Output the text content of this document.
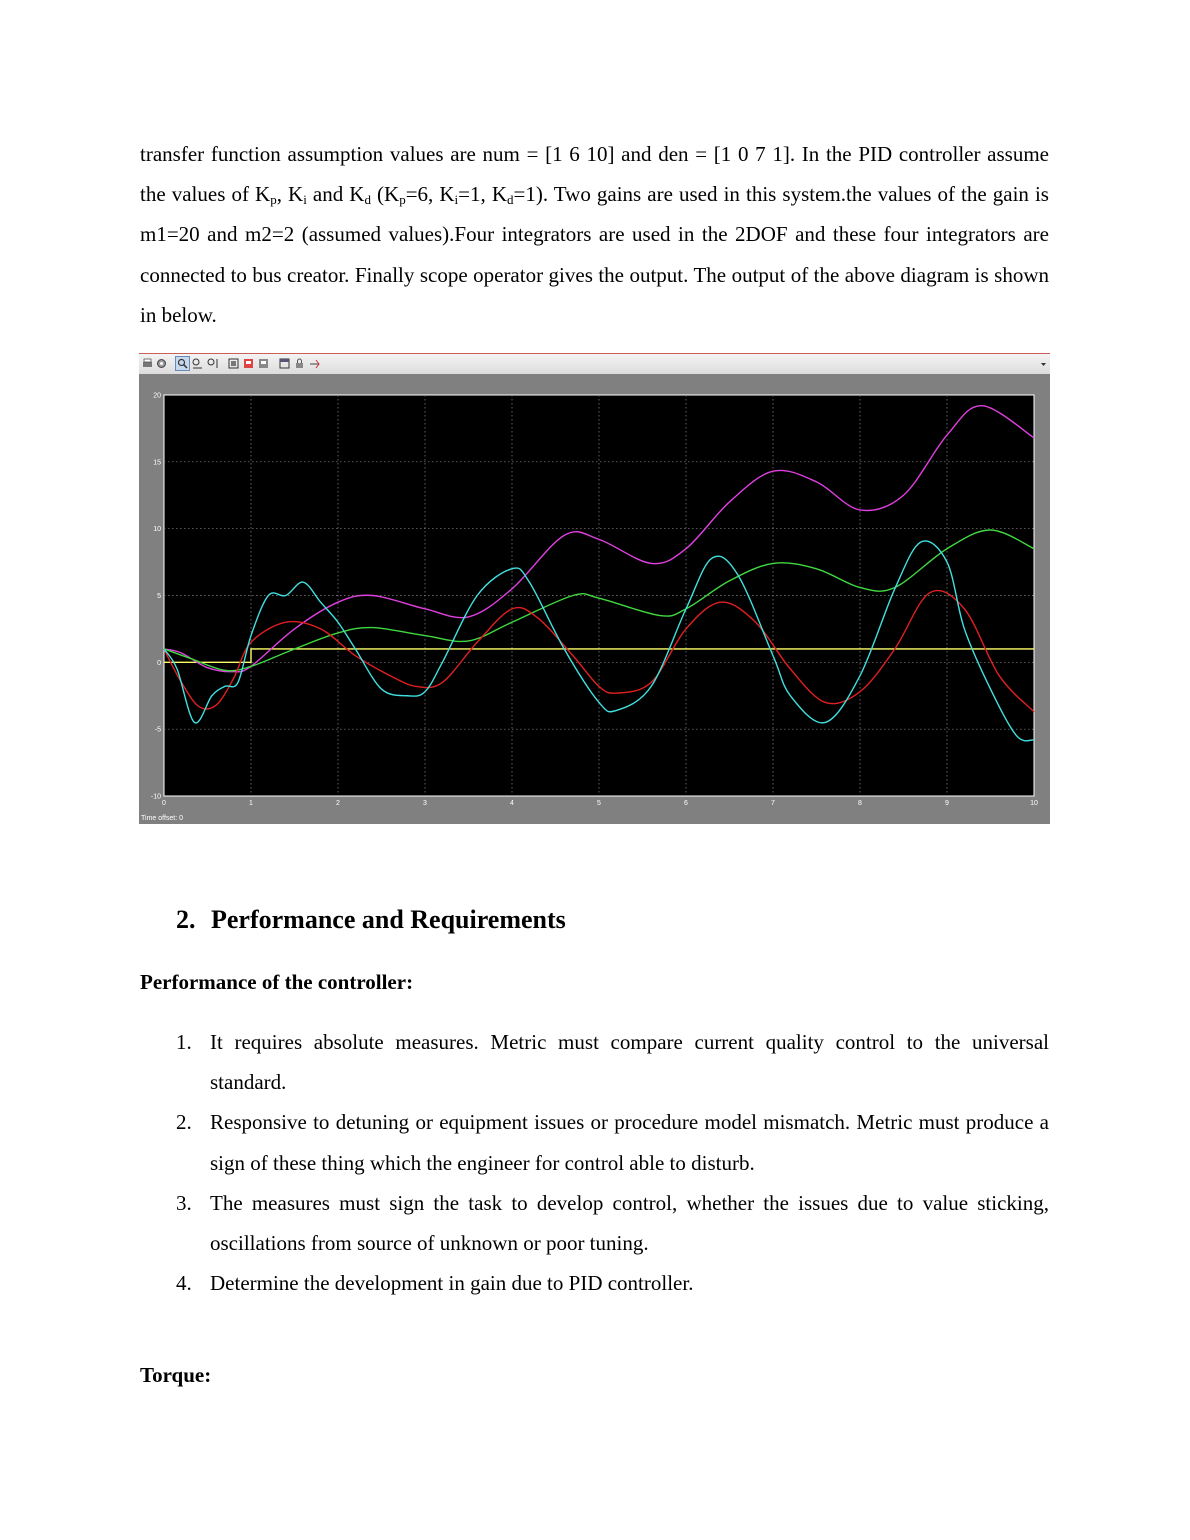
transfer function assumption values are num = [1 6 10] and den = [1 0 7 1]. In the PID controller assume the values of $K_p$, $K_i$ and $K_d$ ($K_p=6$, $K_i=1$, $K_d=1$). Two gains are used in this system.the values of the gain is m1=20 and m2=2 (assumed values).Four integrators are used in the 2DOF and these four integrators are connected to bus creator. Finally scope operator gives the output. The output of the above diagram is shown in below.

0	1	2	3	4	5	6	7	8	9	10
-10
-5
0
5
10
15
20
Time offset: 0
2. Performance and Requirements

Performance of the controller:

1. It requires absolute measures. Metric must compare current quality control to the universal standard.
2. Responsive to detuning or equipment issues or procedure model mismatch. Metric must produce a sign of these thing which the engineer for control able to disturb.
3. The measures must sign the task to develop control, whether the issues due to value sticking, oscillations from source of unknown or poor tuning.
4. Determine the development in gain due to PID controller.

Torque:
